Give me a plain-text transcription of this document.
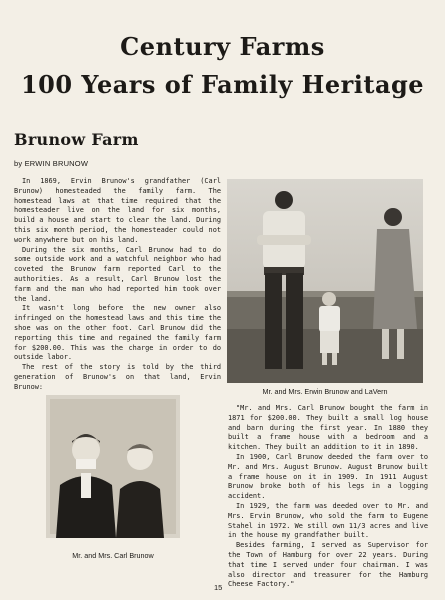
Century Farms
100 Years of Family Heritage
Brunow Farm
by ERWIN BRUNOW

In 1869, Ervin Brunow's grandfather (Carl Brunow) homesteaded the family farm. The homestead laws at that time required that the homesteader live on the land for six months, build a house and start to clear the land. During this six month period, the homesteader could not work anywhere but on his land.

During the six months, Carl Brunow had to do some outside work and a watchful neighbor who had coveted the Brunow farm reported Carl to the authorities. As a result, Carl Brunow lost the farm and the man who had reported him took over the land.

It wasn't long before the new owner also infringed on the homestead laws and this time the shoe was on the other foot. Carl Brunow did the reporting this time and regained the family farm for $200.00. This was the charge in order to do outside labor.

The rest of the story is told by the third generation of Brunow's on that land, Ervin Brunow:

Mr. and Mrs. Erwin Brunow and LaVern
Mr. and Mrs. Carl Brunow

"Mr. and Mrs. Carl Brunow bought the farm in 1871 for $200.00. They built a small log house and barn during the first year. In 1880 they built a frame house with a bedroom and a kitchen. They built an addition to it in 1890.

In 1900, Carl Brunow deeded the farm over to Mr. and Mrs. August Brunow. August Brunow built a frame house on it in 1909. In 1911 August Brunow broke both of his legs in a logging accident.

In 1929, the farm was deeded over to Mr. and Mrs. Ervin Brunow, who sold the farm to Eugene Stahel in 1972. We still own 11/3 acres and live in the house my grandfather built.

Besides farming, I served as Supervisor for the Town of Hamburg for over 22 years. During that time I served under four chairman. I was also director and treasurer for the Hamburg Cheese Factory."

15
